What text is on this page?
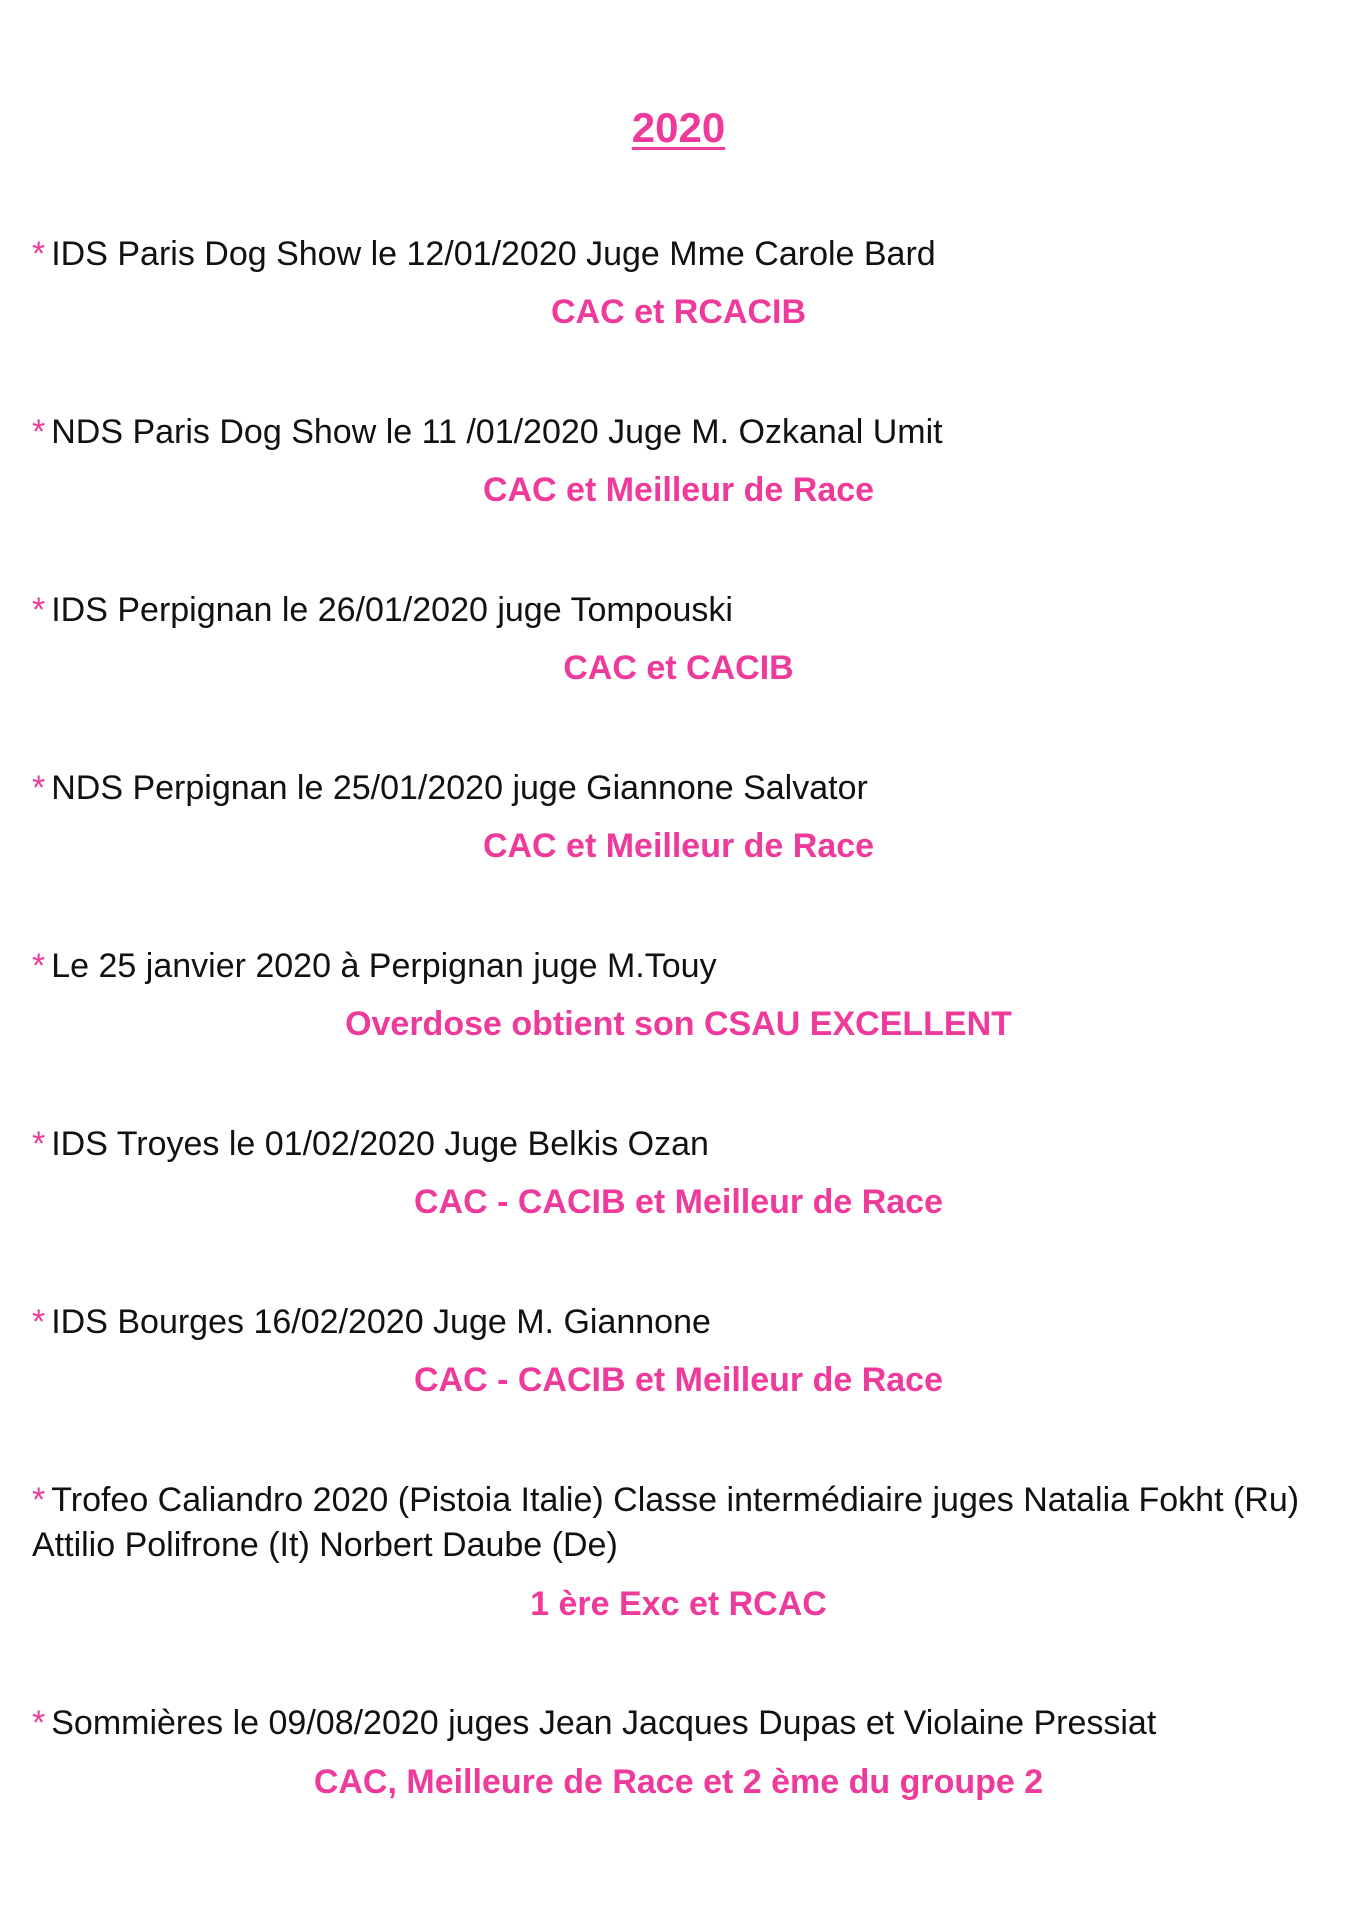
2020
* IDS Paris Dog Show le 12/01/2020 Juge Mme Carole Bard
CAC et RCACIB
* NDS Paris Dog Show le 11 /01/2020 Juge M. Ozkanal Umit
CAC et Meilleur de Race
* IDS Perpignan le 26/01/2020 juge Tompouski
CAC et CACIB
* NDS Perpignan le 25/01/2020 juge Giannone Salvator
CAC et Meilleur de Race
* Le 25 janvier 2020 à Perpignan juge M.Touy
Overdose obtient son CSAU EXCELLENT
* IDS Troyes le 01/02/2020 Juge Belkis Ozan
CAC - CACIB et Meilleur de Race
* IDS Bourges 16/02/2020 Juge M. Giannone
CAC - CACIB et Meilleur de Race
* Trofeo Caliandro 2020 (Pistoia Italie) Classe intermédiaire juges Natalia Fokht (Ru) Attilio Polifrone (It) Norbert Daube (De)
1 ère Exc et RCAC
* Sommières le 09/08/2020 juges Jean Jacques Dupas et Violaine Pressiat
CAC, Meilleure de Race et 2 ème du groupe 2
